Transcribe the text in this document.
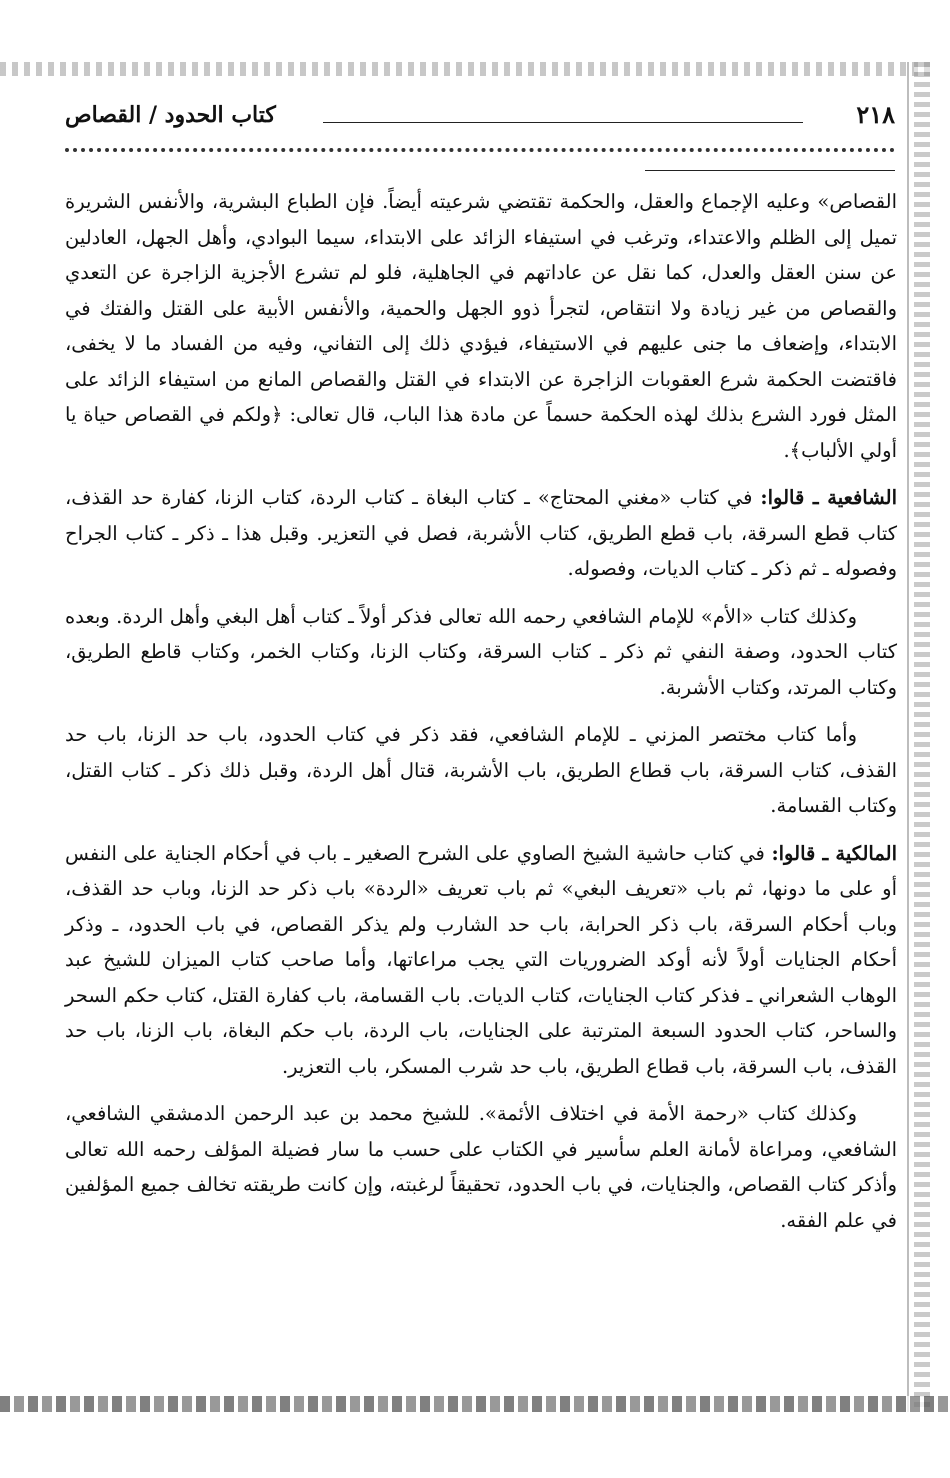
٢١٨
كتاب الحدود / القصاص

القصاص» وعليه الإجماع والعقل، والحكمة تقتضي شرعيته أيضاً. فإن الطباع البشرية، والأنفس الشريرة تميل إلى الظلم والاعتداء، وترغب في استيفاء الزائد على الابتداء، سيما البوادي، وأهل الجهل، العادلين عن سنن العقل والعدل، كما نقل عن عاداتهم في الجاهلية، فلو لم تشرع الأجزية الزاجرة عن التعدي والقصاص من غير زيادة ولا انتقاص، لتجرأ ذوو الجهل والحمية، والأنفس الأبية على القتل والفتك في الابتداء، وإضعاف ما جنى عليهم في الاستيفاء، فيؤدي ذلك إلى التفاني، وفيه من الفساد ما لا يخفى، فاقتضت الحكمة شرع العقوبات الزاجرة عن الابتداء في القتل والقصاص المانع من استيفاء الزائد على المثل فورد الشرع بذلك لهذه الحكمة حسماً عن مادة هذا الباب، قال تعالى: ﴿ولكم في القصاص حياة يا أولي الألباب﴾.

الشافعية ـ قالوا: في كتاب «مغني المحتاج» ـ كتاب البغاة ـ كتاب الردة، كتاب الزنا، كفارة حد القذف، كتاب قطع السرقة، باب قطع الطريق، كتاب الأشربة، فصل في التعزير. وقبل هذا ـ ذكر ـ كتاب الجراح وفصوله ـ ثم ذكر ـ كتاب الديات، وفصوله.

وكذلك كتاب «الأم» للإمام الشافعي رحمه الله تعالى فذكر أولاً ـ كتاب أهل البغي وأهل الردة. وبعده كتاب الحدود، وصفة النفي ثم ذكر ـ كتاب السرقة، وكتاب الزنا، وكتاب الخمر، وكتاب قاطع الطريق، وكتاب المرتد، وكتاب الأشربة.

وأما كتاب مختصر المزني ـ للإمام الشافعي، فقد ذكر في كتاب الحدود، باب حد الزنا، باب حد القذف، كتاب السرقة، باب قطاع الطريق، باب الأشربة، قتال أهل الردة، وقبل ذلك ذكر ـ كتاب القتل، وكتاب القسامة.

المالكية ـ قالوا: في كتاب حاشية الشيخ الصاوي على الشرح الصغير ـ باب في أحكام الجناية على النفس أو على ما دونها، ثم باب «تعريف البغي» ثم باب تعريف «الردة» باب ذكر حد الزنا، وباب حد القذف، وباب أحكام السرقة، باب ذكر الحرابة، باب حد الشارب ولم يذكر القصاص، في باب الحدود، ـ وذكر أحكام الجنايات أولاً لأنه أوكد الضروريات التي يجب مراعاتها، وأما صاحب كتاب الميزان للشيخ عبد الوهاب الشعراني ـ فذكر كتاب الجنايات، كتاب الديات. باب القسامة، باب كفارة القتل، كتاب حكم السحر والساحر، كتاب الحدود السبعة المترتبة على الجنايات، باب الردة، باب حكم البغاة، باب الزنا، باب حد القذف، باب السرقة، باب قطاع الطريق، باب حد شرب المسكر، باب التعزير.

وكذلك كتاب «رحمة الأمة في اختلاف الأئمة». للشيخ محمد بن عبد الرحمن الدمشقي الشافعي، الشافعي، ومراعاة لأمانة العلم سأسير في الكتاب على حسب ما سار فضيلة المؤلف رحمه الله تعالى وأذكر كتاب القصاص، والجنايات، في باب الحدود، تحقيقاً لرغبته، وإن كانت طريقته تخالف جميع المؤلفين في علم الفقه.
